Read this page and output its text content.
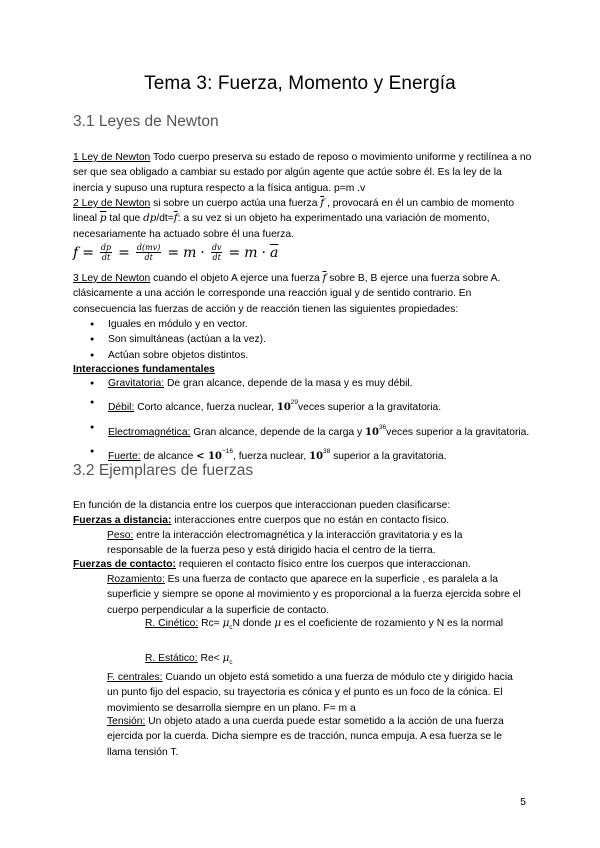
Tema 3: Fuerza, Momento y Energía
3.1 Leyes de Newton
1 Ley de Newton Todo cuerpo preserva su estado de reposo o movimiento uniforme y rectilínea a no ser que sea obligado a cambiar su estado por algún agente que actúe sobre él. Es la ley de la inercia y supuso una ruptura respecto a la física antigua. p=m .v
2 Ley de Newton si sobre un cuerpo actúa una fuerza $\overline{f}$ , provocará en él un cambio de momento lineal $\overline{p}$ tal que $dp/dt=\overline{f}$: a su vez si un objeto ha experimentado una variación de momento, necesariamente ha actuado sobre él una fuerza.
$f = \frac{dp}{dt} = \frac{d(mv)}{dt} = m \cdot \frac{dv}{dt} = m \cdot \overline{a}$
3 Ley de Newton cuando el objeto A ejerce una fuerza $\overline{f}$ sobre B, B ejerce una fuerza sobre A. clásicamente a una acción le corresponde una reacción igual y de sentido contrario. En consecuencia las fuerzas de acción y de reacción tienen las siguientes propiedades:
● Iguales en módulo y en vector.
● Son simultáneas (actúan a la vez).
● Actúan sobre objetos distintos.
Interacciones fundamentales
● Gravitatoria: De gran alcance, depende de la masa y es muy débil.
● Débil: Corto alcance, fuerza nuclear, $10^{29}veces$ superior a la gravitatoria.
● Electromagnética: Gran alcance, depende de la carga y $10^{36}veces$ superior a la gravitatoria.
● Fuerte: de alcance < $10^{-16}$, fuerza nuclear, $10^{38}$ superior a la gravitatoria.
3.2 Ejemplares de fuerzas
En función de la distancia entre los cuerpos que interaccionan pueden clasificarse:
Fuerzas a distancia: interacciones entre cuerpos que no están en contacto físico.
Peso: entre la interacción electromagnética y la interacción gravitatoria y es la responsable de la fuerza peso y está dirigido hacia el centro de la tierra.
Fuerzas de contacto: requieren el contacto físico entre los cuerpos que interaccionan.
Rozamiento: Es una fuerza de contacto que aparece en la superficie , es paralela a la superficie y siempre se opone al movimiento y es proporcional a la fuerza ejercida sobre el cuerpo perpendicular a la superficie de contacto.
R. Cinético: $Rc= \mu_cN$ donde μ es el coeficiente de rozamiento y N es la normal
R. Estático: $Re< \mu_c$
F. centrales: Cuando un objeto está sometido a una fuerza de módulo cte y dirigido hacia un punto fijo del espacio, su trayectoria es cónica y el punto es un foco de la cónica. El movimiento se desarrolla siempre en un plano. F= m a
Tensión: Un objeto atado a una cuerda puede estar sometido a la acción de una fuerza ejercida por la cuerda. Dicha siempre es de tracción, nunca empuja. A esa fuerza se le llama tensión T.
5
